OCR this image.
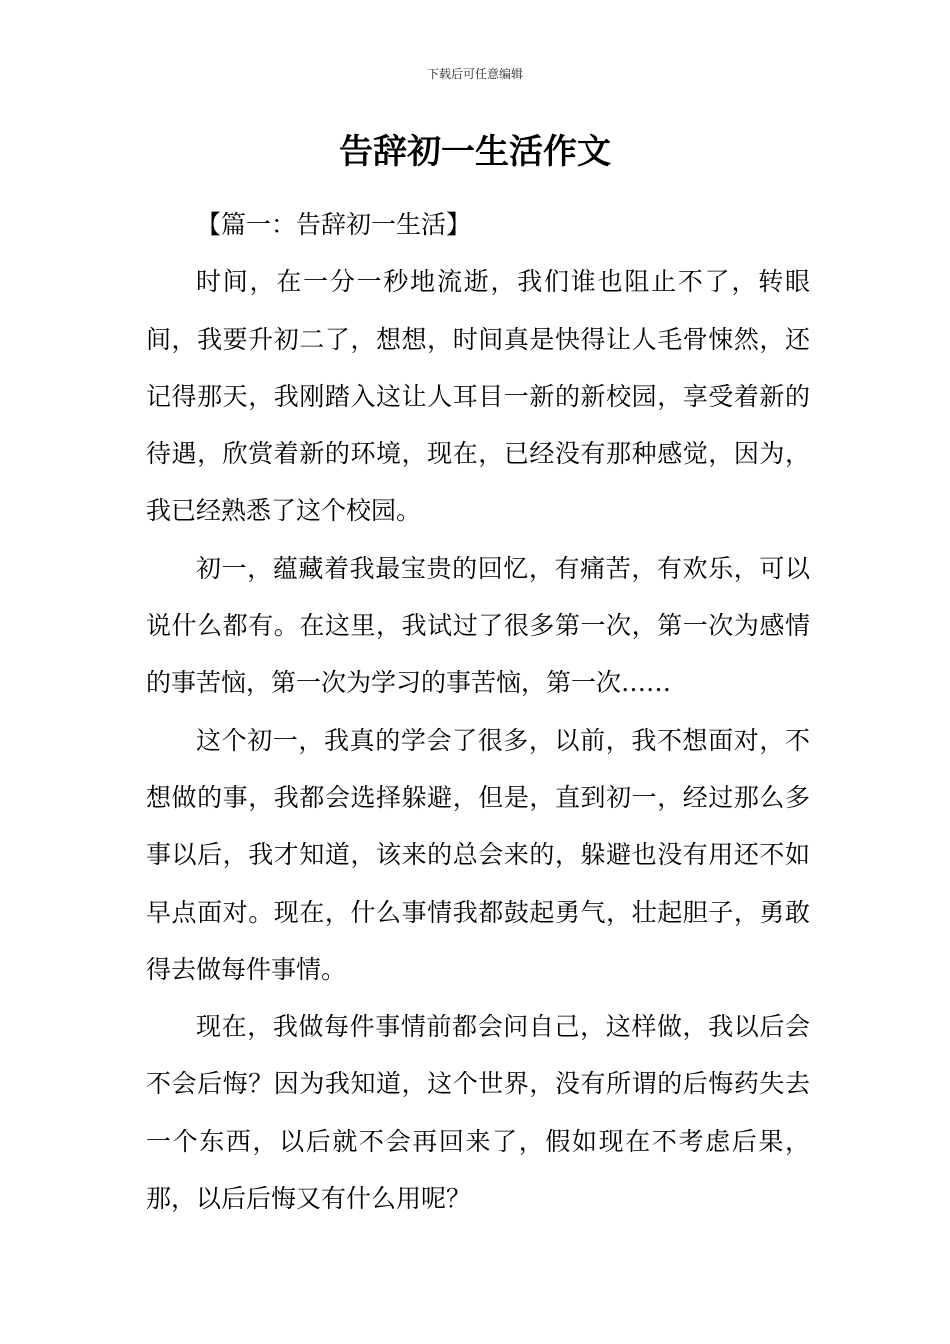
下载后可任意编辑
告辞初一生活作文

【篇一：告辞初一生活】

时间，在一分一秒地流逝，我们谁也阻止不了，转眼间，我要升初二了，想想，时间真是快得让人毛骨悚然，还记得那天，我刚踏入这让人耳目一新的新校园，享受着新的待遇，欣赏着新的环境，现在，已经没有那种感觉，因为，我已经熟悉了这个校园。

初一，蕴藏着我最宝贵的回忆，有痛苦，有欢乐，可以说什么都有。在这里，我试过了很多第一次，第一次为感情的事苦恼，第一次为学习的事苦恼，第一次……

这个初一，我真的学会了很多，以前，我不想面对，不想做的事，我都会选择躲避，但是，直到初一，经过那么多事以后，我才知道，该来的总会来的，躲避也没有用还不如早点面对。现在，什么事情我都鼓起勇气，壮起胆子，勇敢得去做每件事情。

现在，我做每件事情前都会问自己，这样做，我以后会不会后悔？因为我知道，这个世界，没有所谓的后悔药失去一个东西，以后就不会再回来了，假如现在不考虑后果，那，以后后悔又有什么用呢？
